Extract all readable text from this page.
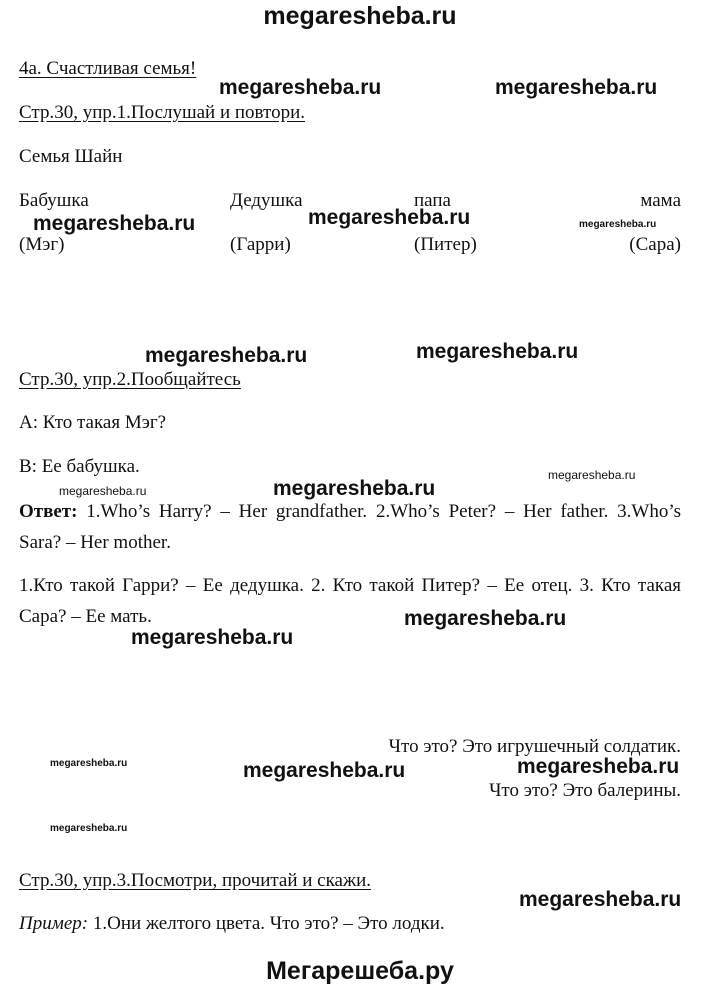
megaresheba.ru
4a. Счастливая семья!
megaresheba.ru	megaresheba.ru
Стр.30, упр.1.Послушай и повтори.
Семья Шайн
Бабушка	Дедушка	папа	мама
megaresheba.ru	megaresheba.ru	megaresheba.ru
(Мэг)	(Гарри)	(Питер)	(Сара)
megaresheba.ru	megaresheba.ru
Стр.30, упр.2.Пообщайтесь
A: Кто такая Мэг?
B: Ее бабушка.
megaresheba.ru
megaresheba.ru
megaresheba.ru
Ответ: 1.Who’s Harry? – Her grandfather. 2.Who’s Peter? – Her father. 3.Who’s Sara? – Her mother.
1.Кто такой Гарри? – Ее дедушка. 2. Кто такой Питер? – Ее отец. 3. Кто такая Сара? – Ее мать.	megaresheba.ru
megaresheba.ru
Что это? Это игрушечный солдатик.
megaresheba.ru	megaresheba.ru	megaresheba.ru
Что это? Это балерины.
megaresheba.ru
Стр.30, упр.3.Посмотри, прочитай и скажи.
megaresheba.ru
Пример: 1.Они желтого цвета. Что это? – Это лодки.
Мегарешеба.ру
